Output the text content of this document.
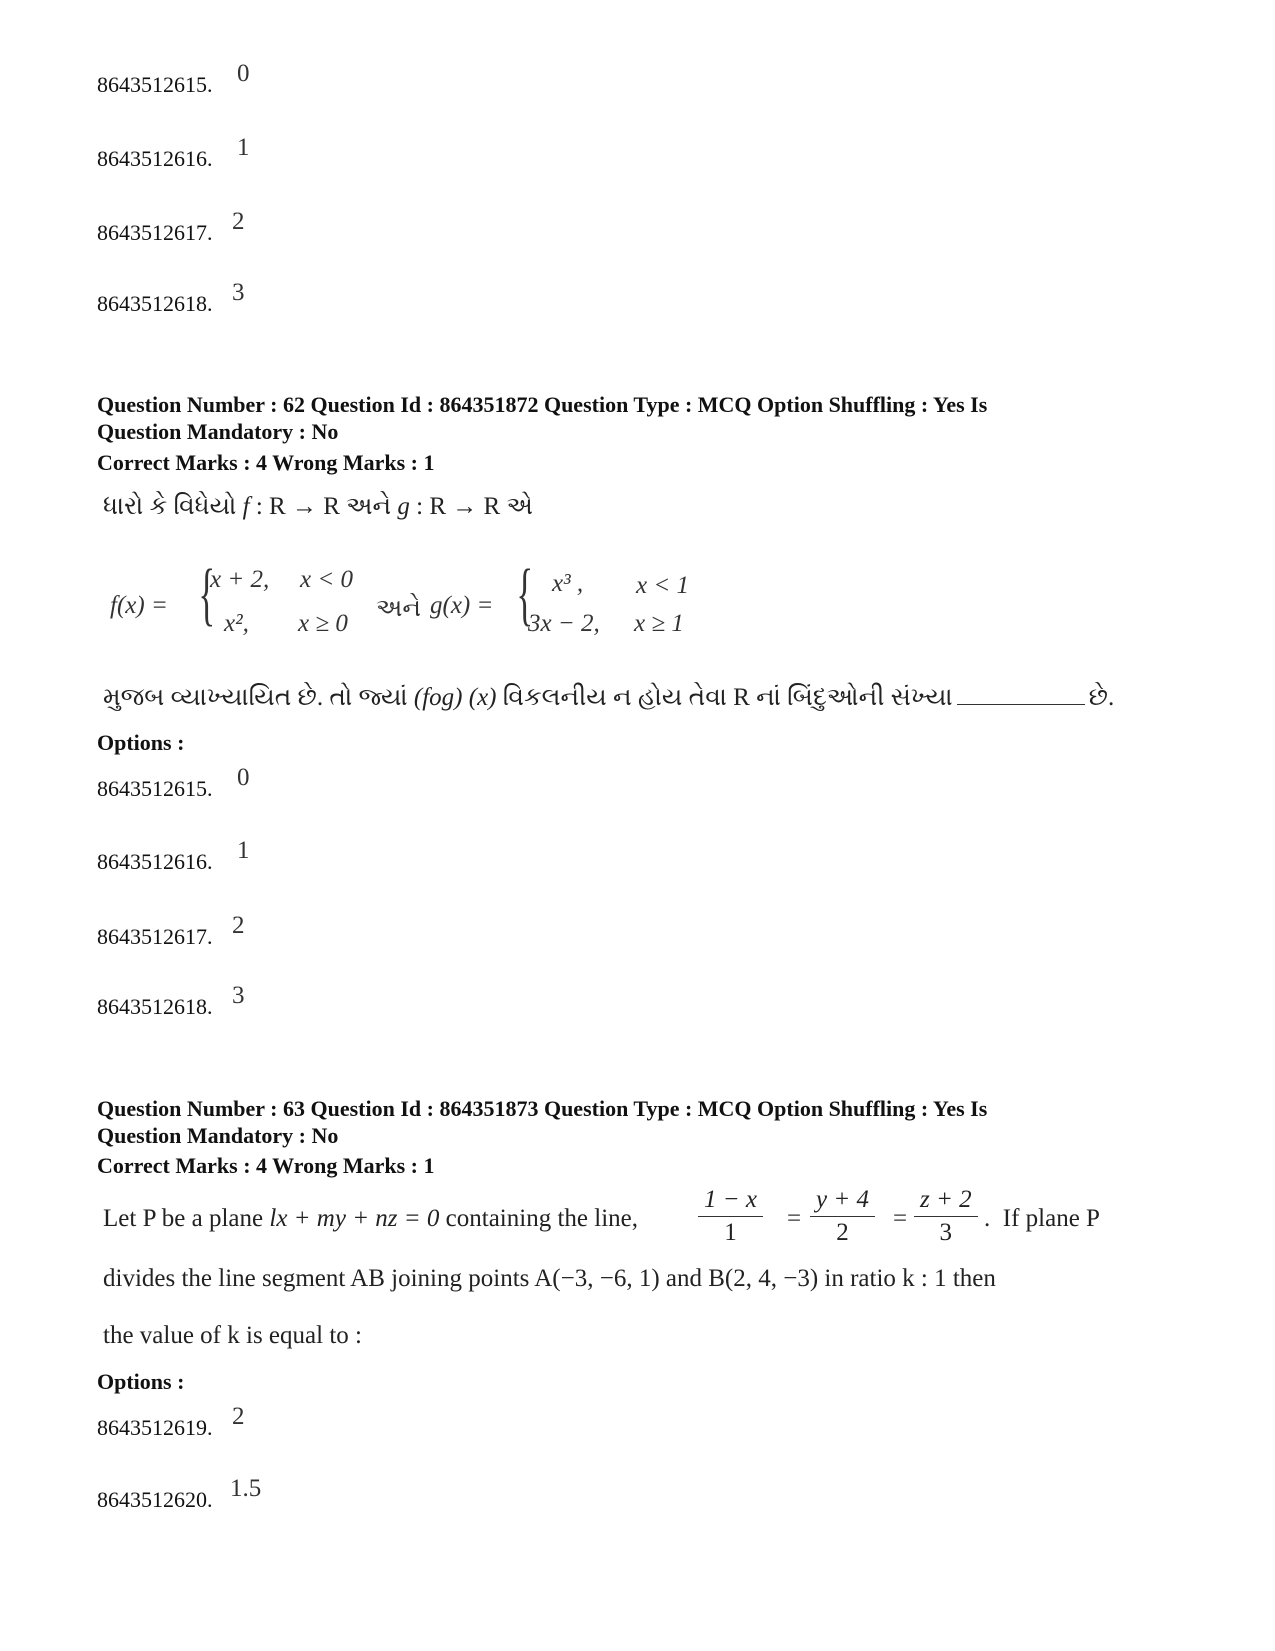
8643512615. 0
8643512616. 1
8643512617. 2
8643512618. 3
Question Number : 62 Question Id : 864351872 Question Type : MCQ Option Shuffling : Yes Is
Question Mandatory : No
Correct Marks : 4 Wrong Marks : 1
ધારો કે વિધેયો f : R → R અને g : R → R એ
f(x) = {
x + 2, x < 0
x², x ≥ 0
અને g(x) = { x³ , x < 1
3x − 2, x ≥ 1
મુજબ વ્યાખ્યાયિત છે. તો જ્યાં (fog) (x) વિકલનીય ન હોય તેવા R નાં બિંદુઓની સંખ્યા	છે.
Options :
8643512615. 0
8643512616. 1
8643512617. 2
8643512618. 3
Question Number : 63 Question Id : 864351873 Question Type : MCQ Option Shuffling : Yes Is
Question Mandatory : No
Correct Marks : 4 Wrong Marks : 1
Let P be a plane lx + my + nz = 0 containing the line, $\frac{1 - x}{1} = \frac{y + 4}{2} = \frac{z + 2}{3}$ .  If plane P
divides the line segment AB joining points A(−3, −6, 1) and B(2, 4, −3) in ratio k : 1 then
the value of k is equal to :
Options :
8643512619. 2
8643512620. 1.5
